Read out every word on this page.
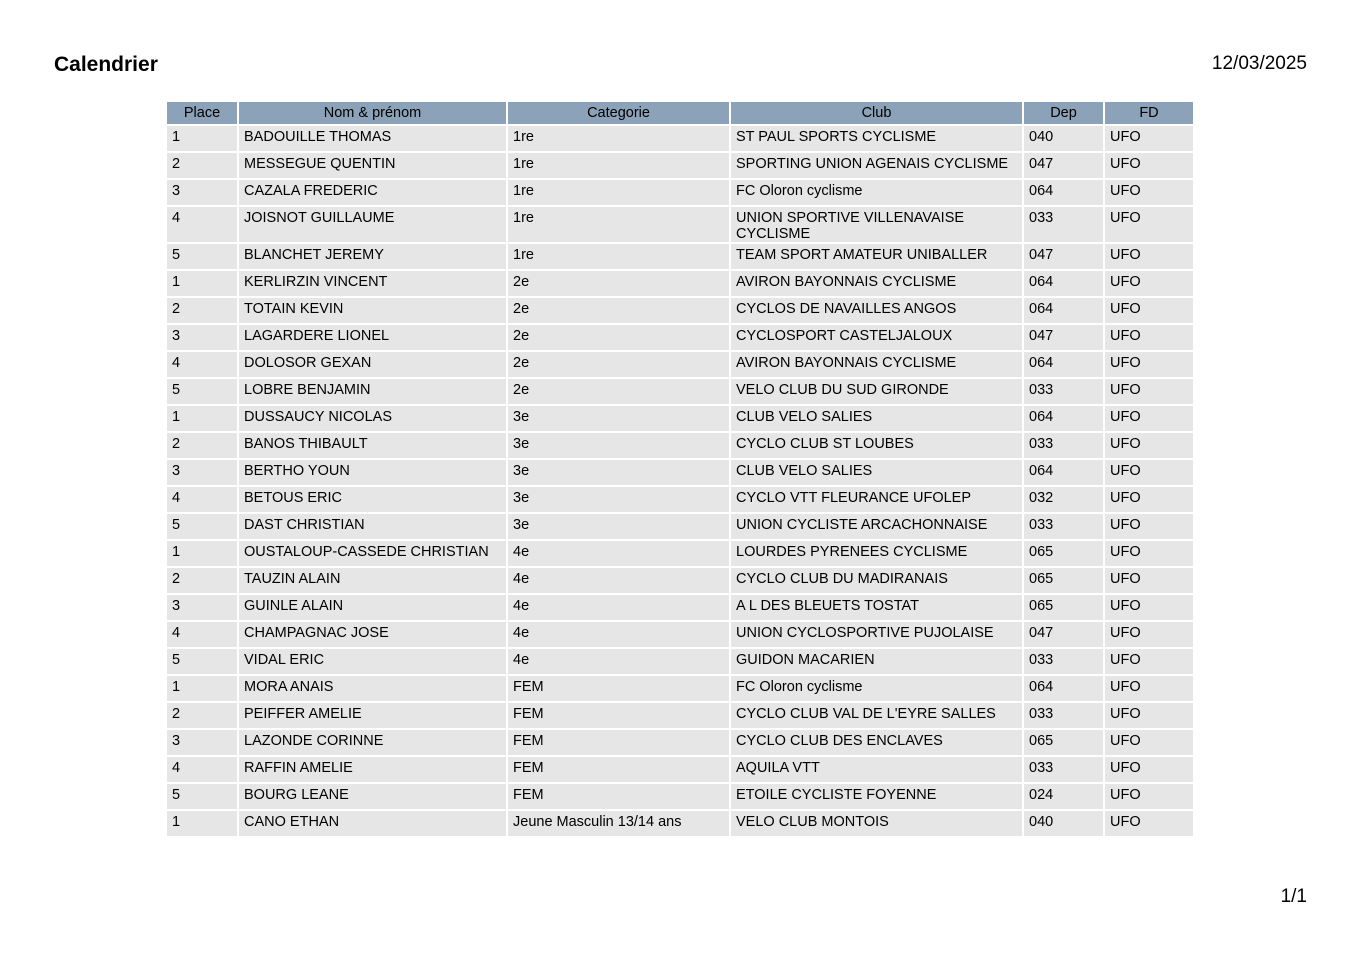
Calendrier	12/03/2025
Place	Nom & prénom	Categorie	Club	Dep	FD
1	BADOUILLE THOMAS	1re	ST PAUL SPORTS CYCLISME	040	UFO
2	MESSEGUE QUENTIN	1re	SPORTING UNION AGENAIS CYCLISME	047	UFO
3	CAZALA FREDERIC	1re	FC Oloron cyclisme	064	UFO
4	JOISNOT GUILLAUME	1re	UNION SPORTIVE VILLENAVAISE CYCLISME	033	UFO
5	BLANCHET JEREMY	1re	TEAM SPORT AMATEUR UNIBALLER	047	UFO
1	KERLIRZIN VINCENT	2e	AVIRON BAYONNAIS CYCLISME	064	UFO
2	TOTAIN KEVIN	2e	CYCLOS DE NAVAILLES ANGOS	064	UFO
3	LAGARDERE LIONEL	2e	CYCLOSPORT CASTELJALOUX	047	UFO
4	DOLOSOR GEXAN	2e	AVIRON BAYONNAIS CYCLISME	064	UFO
5	LOBRE BENJAMIN	2e	VELO CLUB DU SUD GIRONDE	033	UFO
1	DUSSAUCY NICOLAS	3e	CLUB VELO SALIES	064	UFO
2	BANOS THIBAULT	3e	CYCLO CLUB ST LOUBES	033	UFO
3	BERTHO YOUN	3e	CLUB VELO SALIES	064	UFO
4	BETOUS ERIC	3e	CYCLO VTT FLEURANCE UFOLEP	032	UFO
5	DAST CHRISTIAN	3e	UNION CYCLISTE ARCACHONNAISE	033	UFO
1	OUSTALOUP-CASSEDE CHRISTIAN	4e	LOURDES PYRENEES CYCLISME	065	UFO
2	TAUZIN ALAIN	4e	CYCLO CLUB DU MADIRANAIS	065	UFO
3	GUINLE ALAIN	4e	A L DES BLEUETS TOSTAT	065	UFO
4	CHAMPAGNAC JOSE	4e	UNION CYCLOSPORTIVE PUJOLAISE	047	UFO
5	VIDAL ERIC	4e	GUIDON MACARIEN	033	UFO
1	MORA ANAIS	FEM	FC Oloron cyclisme	064	UFO
2	PEIFFER AMELIE	FEM	CYCLO CLUB VAL DE L'EYRE SALLES	033	UFO
3	LAZONDE CORINNE	FEM	CYCLO CLUB DES ENCLAVES	065	UFO
4	RAFFIN AMELIE	FEM	AQUILA VTT	033	UFO
5	BOURG LEANE	FEM	ETOILE CYCLISTE FOYENNE	024	UFO
1	CANO ETHAN	Jeune Masculin 13/14 ans	VELO CLUB MONTOIS	040	UFO
1/1
